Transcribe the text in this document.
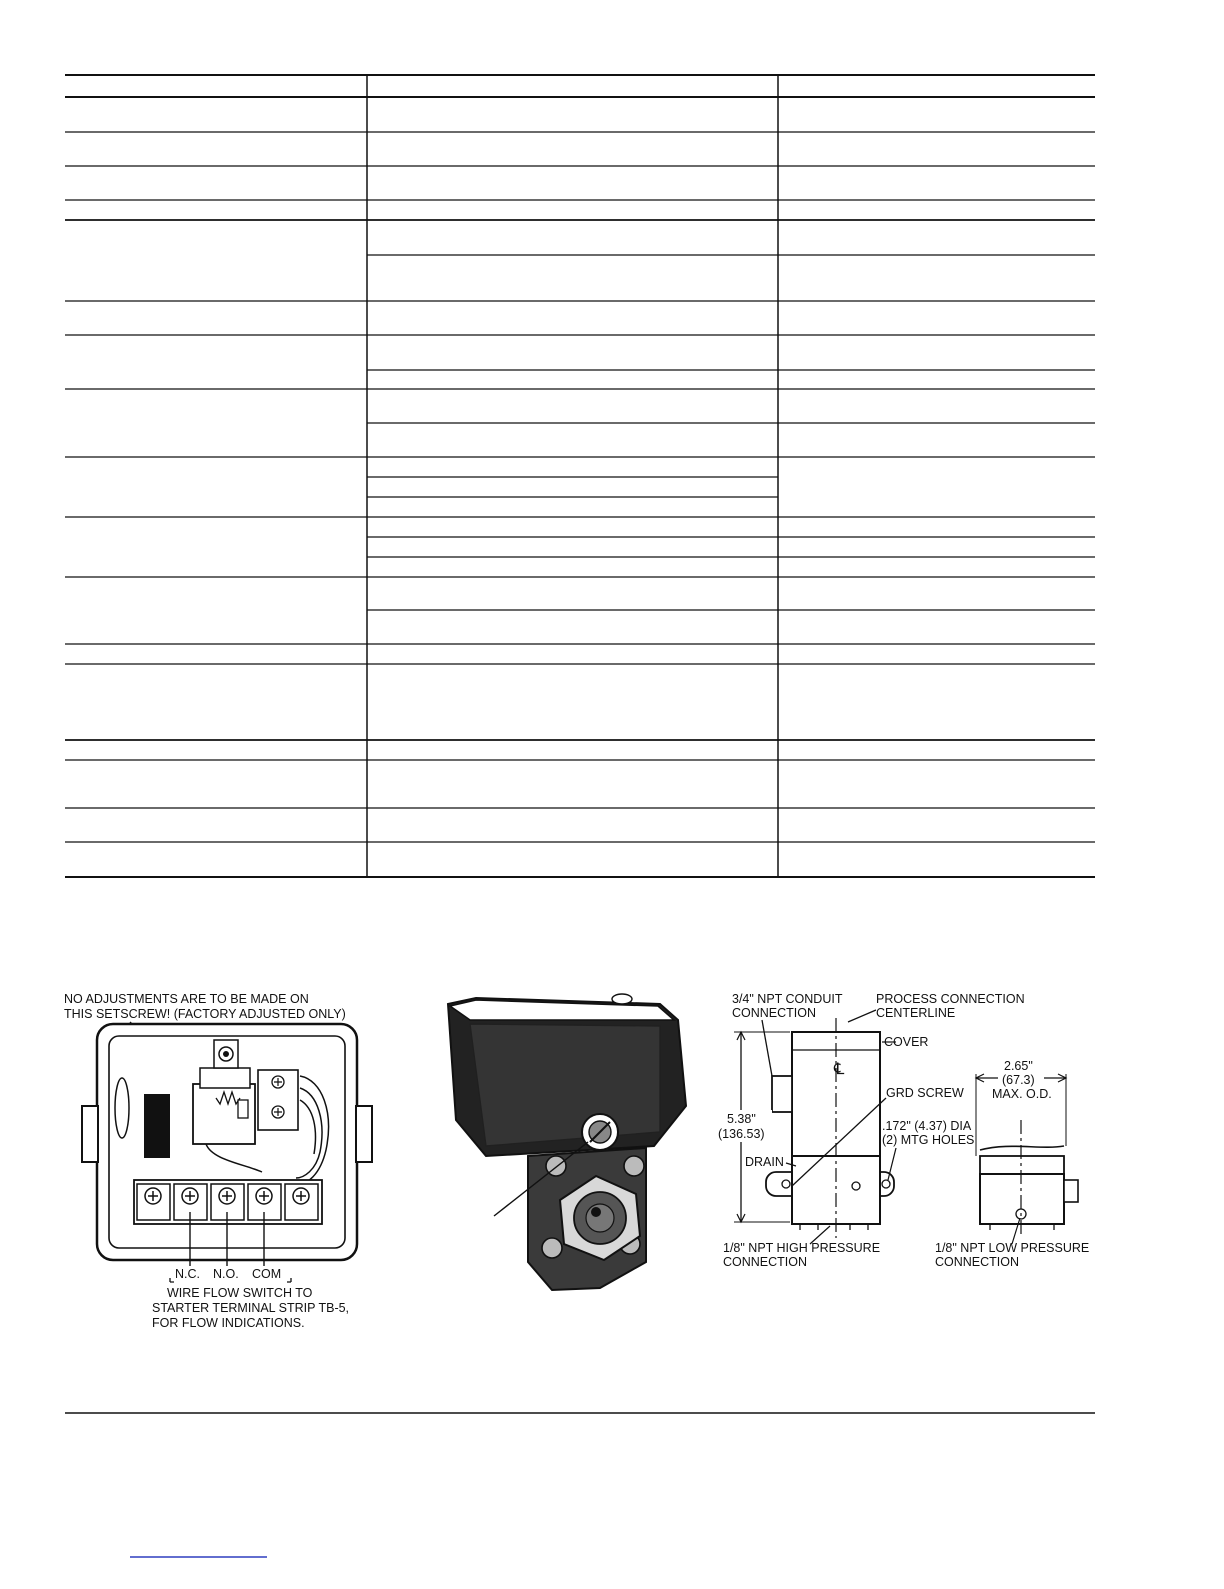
NO ADJUSTMENTS ARE TO BE MADE ON
THIS SETSCREW! (FACTORY ADJUSTED ONLY)
N.C. N.O. COM
WIRE FLOW SWITCH TO
STARTER TERMINAL STRIP TB-5,
FOR FLOW INDICATIONS.
3/4" NPT CONDUIT
CONNECTION
PROCESS CONNECTION
CENTERLINE
℄
COVER
GRD SCREW
5.38"
(136.53)
DRAIN
.172" (4.37) DIA
(2) MTG HOLES
1/8" NPT HIGH PRESSURE
CONNECTION
2.65"
(67.3)
MAX. O.D.
1/8" NPT LOW PRESSURE
CONNECTION
